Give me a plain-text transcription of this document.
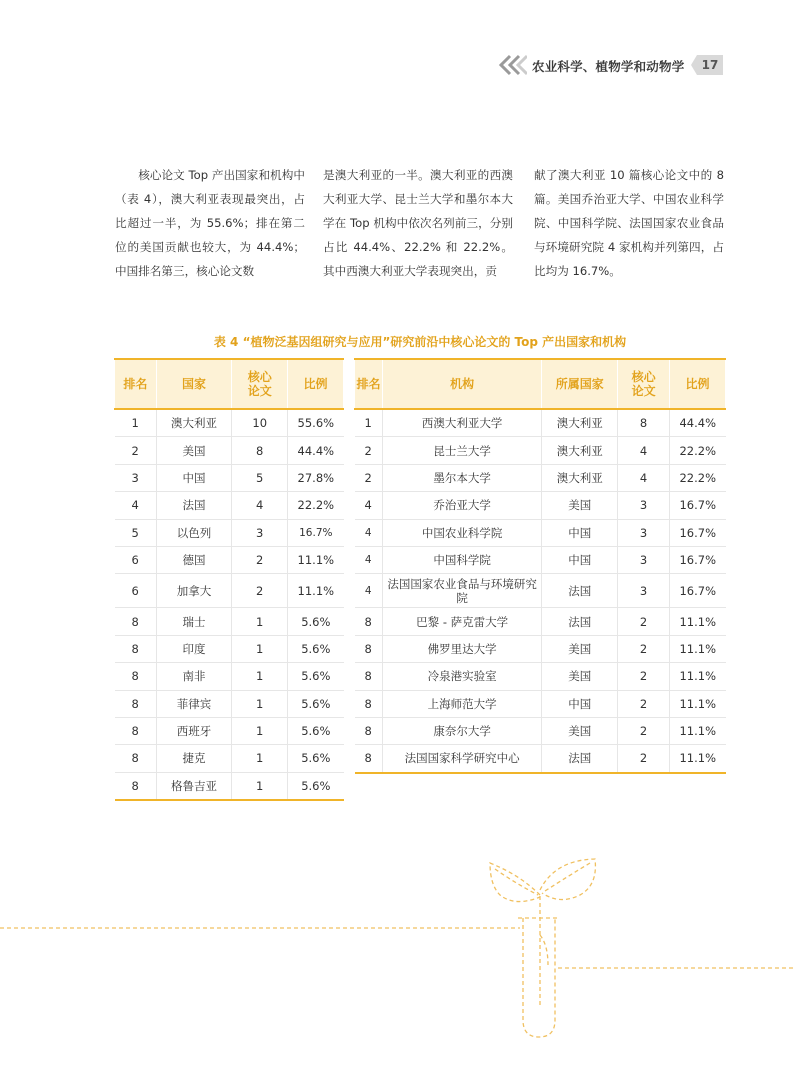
农业科学、植物学和动物学	17
核心论文 Top 产出国家和机构中（表 4），澳大利亚表现最突出，占比超过一半，为 55.6%；排在第二位的美国贡献也较大，为 44.4%；中国排名第三，核心论文数
是澳大利亚的一半。澳大利亚的西澳大利亚大学、昆士兰大学和墨尔本大学在 Top 机构中依次名列前三，分别占比 44.4%、22.2% 和 22.2%。其中西澳大利亚大学表现突出，贡
献了澳大利亚 10 篇核心论文中的 8 篇。美国乔治亚大学、中国农业科学院、中国科学院、法国国家农业食品与环境研究院 4 家机构并列第四，占比均为 16.7%。
表 4 “植物泛基因组研究与应用”研究前沿中核心论文的 Top 产出国家和机构
排名	国家	核心论文	比例
1	澳大利亚	10	55.6%
2	美国	8	44.4%
3	中国	5	27.8%
4	法国	4	22.2%
5	以色列	3	16.7%
6	德国	2	11.1%
6	加拿大	2	11.1%
8	瑞士	1	5.6%
8	印度	1	5.6%
8	南非	1	5.6%
8	菲律宾	1	5.6%
8	西班牙	1	5.6%
8	捷克	1	5.6%
8	格鲁吉亚	1	5.6%
排名	机构	所属国家	核心论文	比例
1	西澳大利亚大学	澳大利亚	8	44.4%
2	昆士兰大学	澳大利亚	4	22.2%
2	墨尔本大学	澳大利亚	4	22.2%
4	乔治亚大学	美国	3	16.7%
4	中国农业科学院	中国	3	16.7%
4	中国科学院	中国	3	16.7%
4	法国国家农业食品与环境研究院	法国	3	16.7%
8	巴黎 - 萨克雷大学	法国	2	11.1%
8	佛罗里达大学	美国	2	11.1%
8	冷泉港实验室	美国	2	11.1%
8	上海师范大学	中国	2	11.1%
8	康奈尔大学	美国	2	11.1%
8	法国国家科学研究中心	法国	2	11.1%
